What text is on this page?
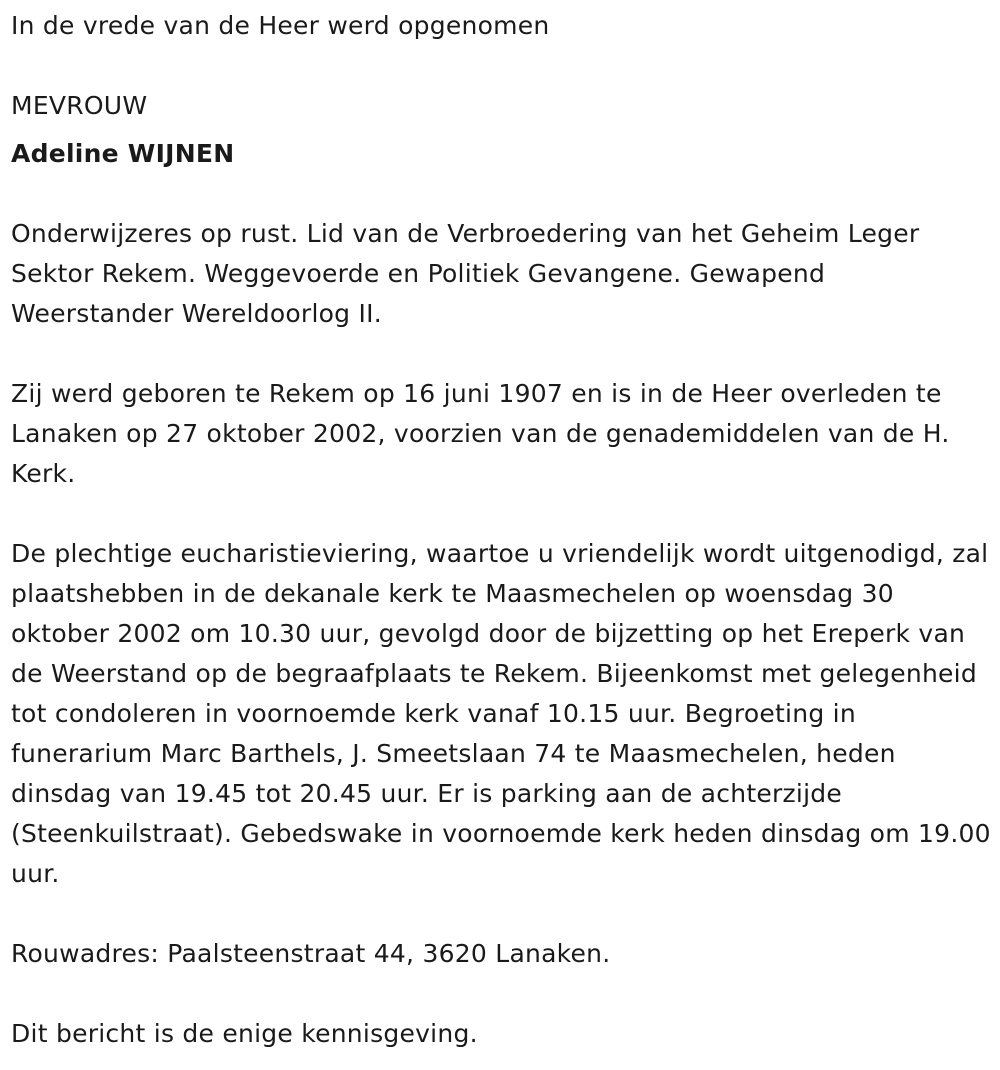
In de vrede van de Heer werd opgenomen

MEVROUW

Adeline WIJNEN

Onderwijzeres op rust. Lid van de Verbroedering van het Geheim Leger Sektor Rekem. Weggevoerde en Politiek Gevangene. Gewapend Weerstander Wereldoorlog II.

Zij werd geboren te Rekem op 16 juni 1907 en is in de Heer overleden te Lanaken op 27 oktober 2002, voorzien van de genademiddelen van de H. Kerk.

De plechtige eucharistieviering, waartoe u vriendelijk wordt uitgenodigd, zal plaatshebben in de dekanale kerk te Maasmechelen op woensdag 30 oktober 2002 om 10.30 uur, gevolgd door de bijzetting op het Ereperk van de Weerstand op de begraafplaats te Rekem. Bijeenkomst met gelegenheid tot condoleren in voornoemde kerk vanaf 10.15 uur. Begroeting in funerarium Marc Barthels, J. Smeetslaan 74 te Maasmechelen, heden dinsdag van 19.45 tot 20.45 uur. Er is parking aan de achterzijde (Steenkuilstraat). Gebedswake in voornoemde kerk heden dinsdag om 19.00 uur.

Rouwadres: Paalsteenstraat 44, 3620 Lanaken.

Dit bericht is de enige kennisgeving.
